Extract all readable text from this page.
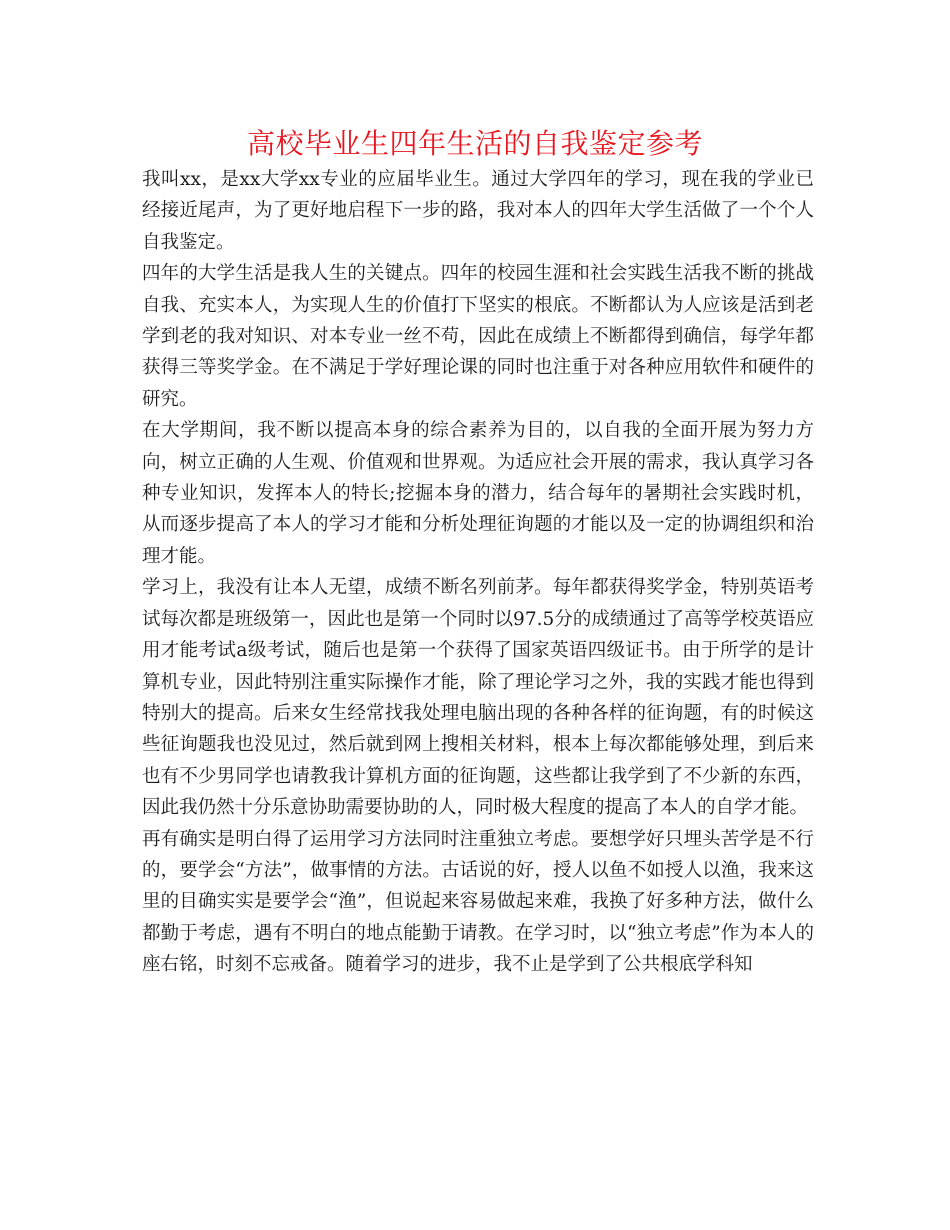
高校毕业生四年生活的自我鉴定参考

我叫xx，是xx大学xx专业的应届毕业生。通过大学四年的学习，现在我的学业已经接近尾声，为了更好地启程下一步的路，我对本人的四年大学生活做了一个个人自我鉴定。

四年的大学生活是我人生的关键点。四年的校园生涯和社会实践生活我不断的挑战自我、充实本人，为实现人生的价值打下坚实的根底。不断都认为人应该是活到老学到老的我对知识、对本专业一丝不苟，因此在成绩上不断都得到确信，每学年都获得三等奖学金。在不满足于学好理论课的同时也注重于对各种应用软件和硬件的研究。

在大学期间，我不断以提高本身的综合素养为目的，以自我的全面开展为努力方向，树立正确的人生观、价值观和世界观。为适应社会开展的需求，我认真学习各种专业知识，发挥本人的特长;挖掘本身的潜力，结合每年的暑期社会实践时机，从而逐步提高了本人的学习才能和分析处理征询题的才能以及一定的协调组织和治理才能。

学习上，我没有让本人无望，成绩不断名列前茅。每年都获得奖学金，特别英语考试每次都是班级第一，因此也是第一个同时以97.5分的成绩通过了高等学校英语应用才能考试a级考试，随后也是第一个获得了国家英语四级证书。由于所学的是计算机专业，因此特别注重实际操作才能，除了理论学习之外，我的实践才能也得到特别大的提高。后来女生经常找我处理电脑出现的各种各样的征询题，有的时候这些征询题我也没见过，然后就到网上搜相关材料，根本上每次都能够处理，到后来也有不少男同学也请教我计算机方面的征询题，这些都让我学到了不少新的东西，因此我仍然十分乐意协助需要协助的人，同时极大程度的提高了本人的自学才能。

再有确实是明白得了运用学习方法同时注重独立考虑。要想学好只埋头苦学是不行的，要学会“方法”，做事情的方法。古话说的好，授人以鱼不如授人以渔，我来这里的目确实实是要学会“渔”，但说起来容易做起来难，我换了好多种方法，做什么都勤于考虑，遇有不明白的地点能勤于请教。在学习时，以“独立考虑”作为本人的座右铭，时刻不忘戒备。随着学习的进步，我不止是学到了公共根底学科知
